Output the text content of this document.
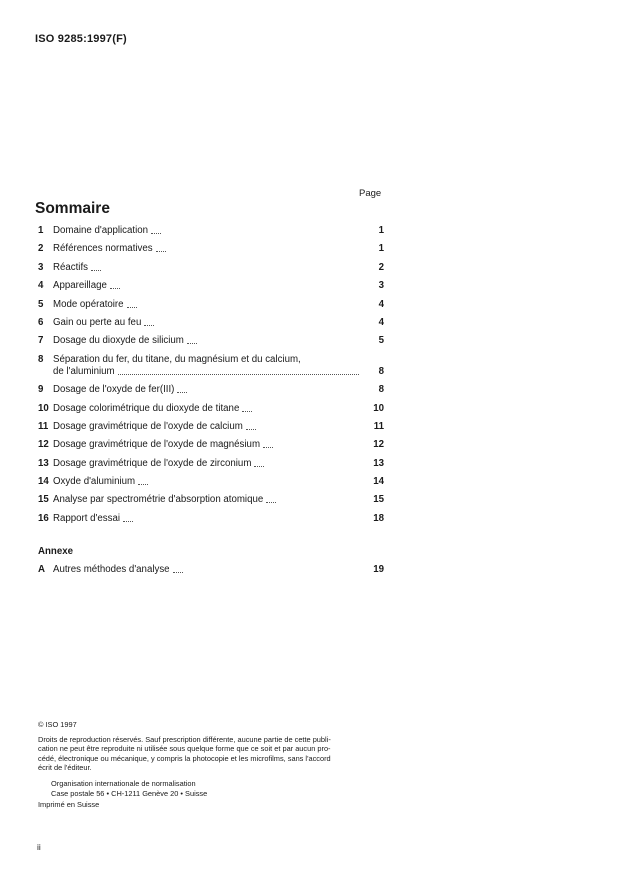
ISO 9285:1997(F)
Page
Sommaire
1 Domaine d'application	1
2 Références normatives	1
3 Réactifs	2
4 Appareillage	3
5 Mode opératoire	4
6 Gain ou perte au feu	4
7 Dosage du dioxyde de silicium	5
8 Séparation du fer, du titane, du magnésium et du calcium,
de l'aluminium	8
9 Dosage de l'oxyde de fer(III)	8
10 Dosage colorimétrique du dioxyde de titane	10
11 Dosage gravimétrique de l'oxyde de calcium	11
12 Dosage gravimétrique de l'oxyde de magnésium	12
13 Dosage gravimétrique de l'oxyde de zirconium	13
14 Oxyde d'aluminium	14
15 Analyse par spectrométrie d'absorption atomique	15
16 Rapport d'essai	18
Annexe
A Autres méthodes d'analyse	19

© ISO 1997

Droits de reproduction réservés. Sauf prescription différente, aucune partie de cette publi-

cation ne peut être reproduite ni utilisée sous quelque forme que ce soit et par aucun pro-

cédé, électronique ou mécanique, y compris la photocopie et les microfilms, sans l'accord

écrit de l'éditeur.

Organisation internationale de normalisation

Case postale 56 • CH-1211 Genève 20 • Suisse

Imprimé en Suisse

ii
